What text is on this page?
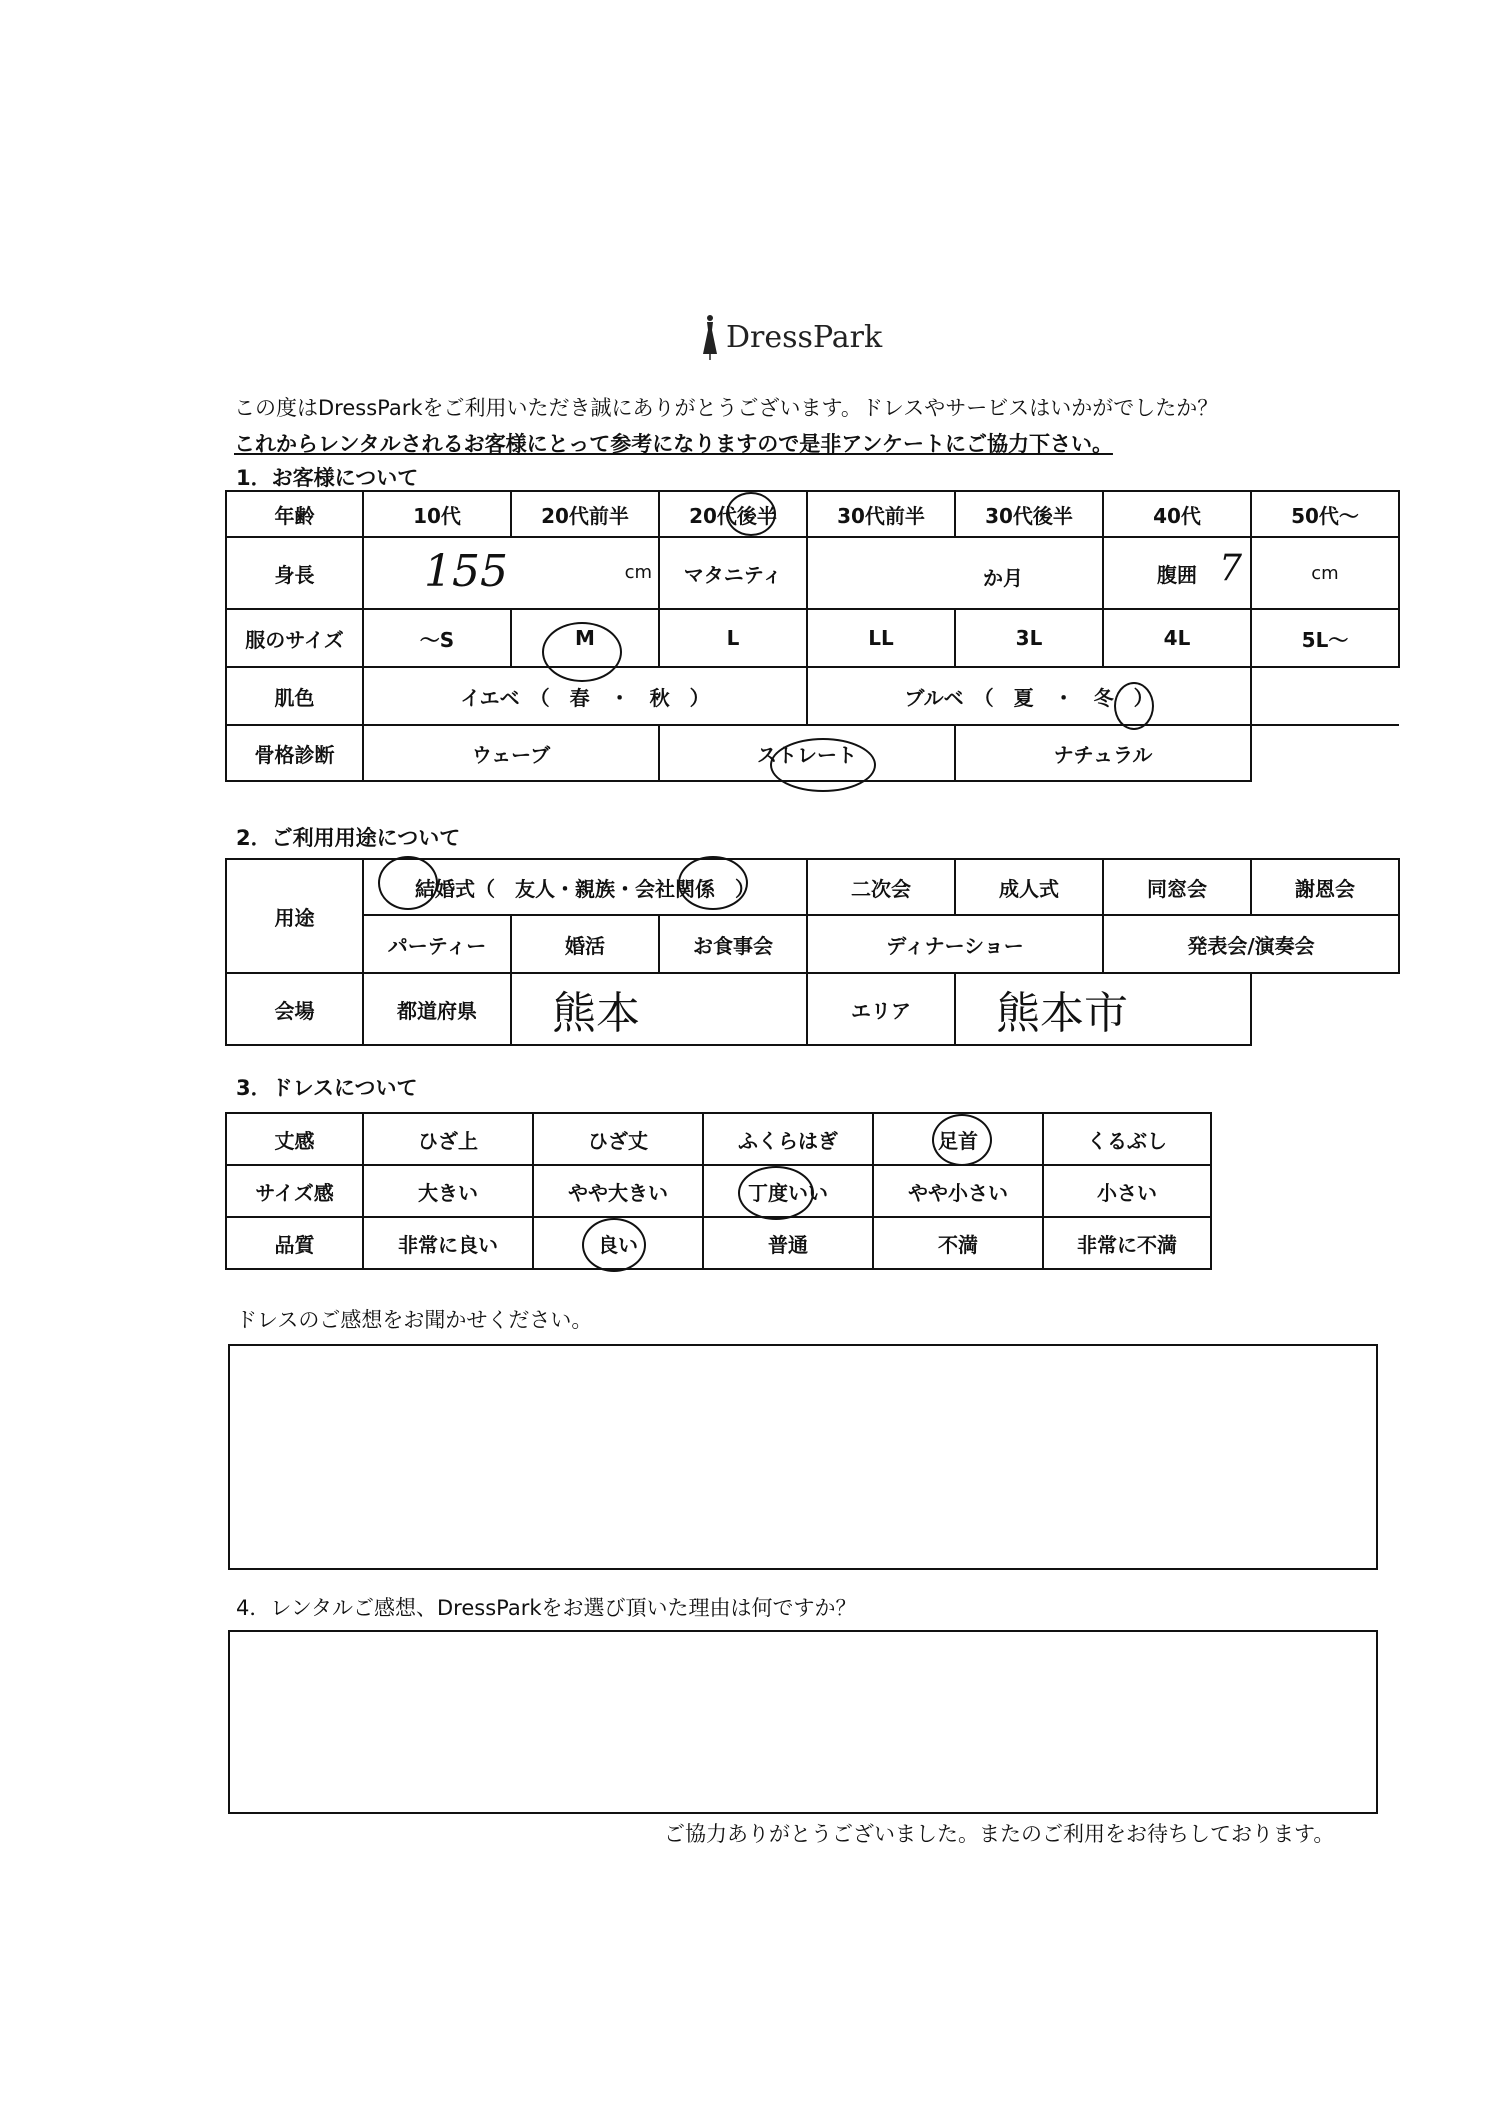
DressPark
この度はDressParkをご利用いただき誠にありがとうございます。ドレスやサービスはいかがでしたか？
これからレンタルされるお客様にとって参考になりますので是非アンケートにご協力下さい。
1．お客様について
年齢	10代	20代前半	20代後半	30代前半	30代後半	40代	50代～
身長	155 cm		マタニティ	か月		腹囲 7	cm
服のサイズ	～S	M	L	LL	3L	4L	5L～
肌色	イエベ　（　春　・　秋　）			ブルベ　（　夏　・　冬　）			
骨格診断	ウェーブ		ストレート		ナチュラル		
2．ご利用用途について
用途	結婚式（　友人・親族・会社関係　）			二次会	成人式	同窓会	謝恩会
	パーティー	婚活	お食事会	ディナーショー		発表会/演奏会	
会場	都道府県	熊本		エリア	熊本市		
3．ドレスについて
丈感	ひざ上	ひざ丈	ふくらはぎ	足首	くるぶし
サイズ感	大きい	やや大きい	丁度いい	やや小さい	小さい
品質	非常に良い	良い	普通	不満	非常に不満
ドレスのご感想をお聞かせください。
4．レンタルご感想、DressParkをお選び頂いた理由は何ですか？
ご協力ありがとうございました。またのご利用をお待ちしております。
